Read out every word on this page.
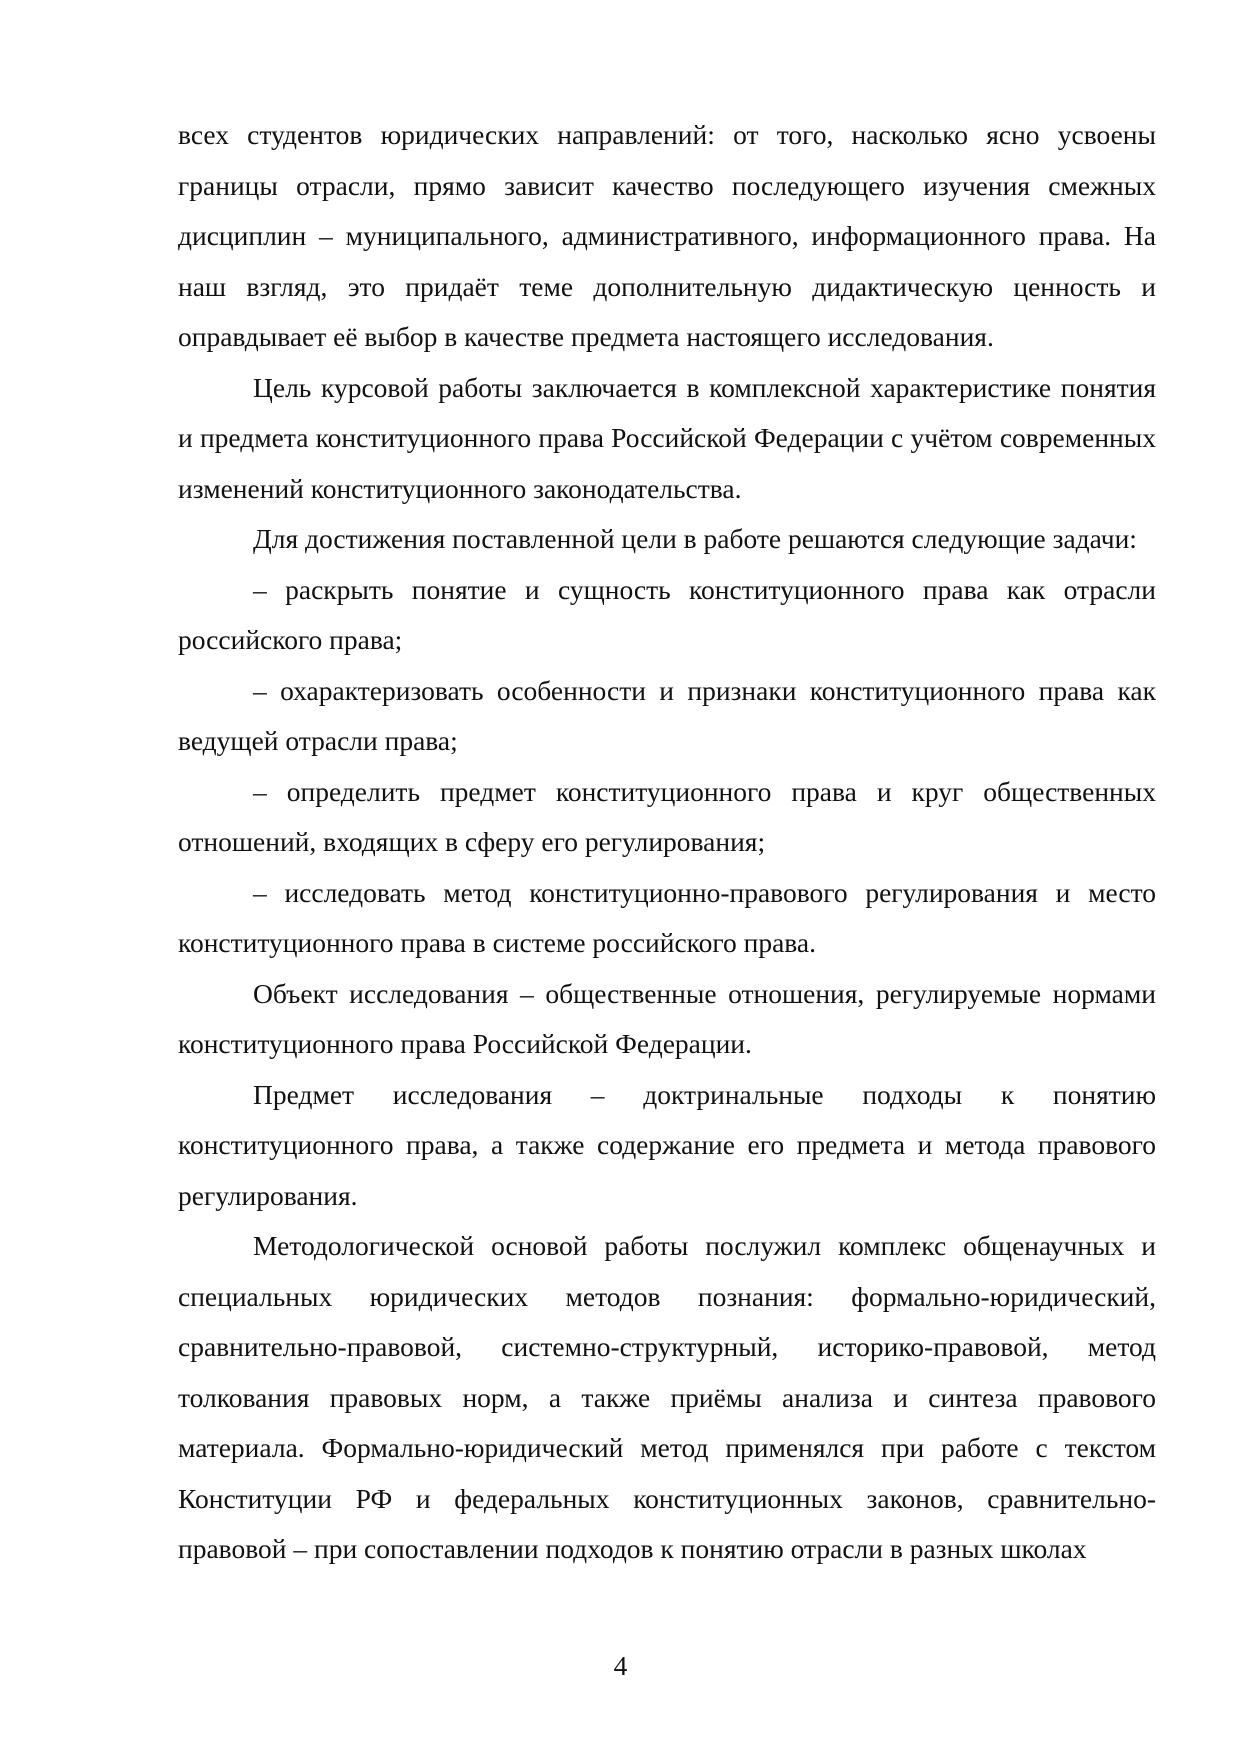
всех студентов юридических направлений: от того, насколько ясно усвоены границы отрасли, прямо зависит качество последующего изучения смежных дисциплин – муниципального, административного, информационного права. На наш взгляд, это придаёт теме дополнительную дидактическую ценность и оправдывает её выбор в качестве предмета настоящего исследования.

Цель курсовой работы заключается в комплексной характеристике понятия и предмета конституционного права Российской Федерации с учётом современных изменений конституционного законодательства.

Для достижения поставленной цели в работе решаются следующие задачи:

– раскрыть понятие и сущность конституционного права как отрасли российского права;

– охарактеризовать особенности и признаки конституционного права как ведущей отрасли права;

– определить предмет конституционного права и круг общественных отношений, входящих в сферу его регулирования;

– исследовать метод конституционно-правового регулирования и место конституционного права в системе российского права.

Объект исследования – общественные отношения, регулируемые нормами конституционного права Российской Федерации.

Предмет исследования – доктринальные подходы к понятию конституционного права, а также содержание его предмета и метода правового регулирования.

Методологической основой работы послужил комплекс общенаучных и специальных юридических методов познания: формально-юридический, сравнительно-правовой, системно-структурный, историко-правовой, метод толкования правовых норм, а также приёмы анализа и синтеза правового материала. Формально-юридический метод применялся при работе с текстом Конституции РФ и федеральных конституционных законов, сравнительно-правовой – при сопоставлении подходов к понятию отрасли в разных школах

4
